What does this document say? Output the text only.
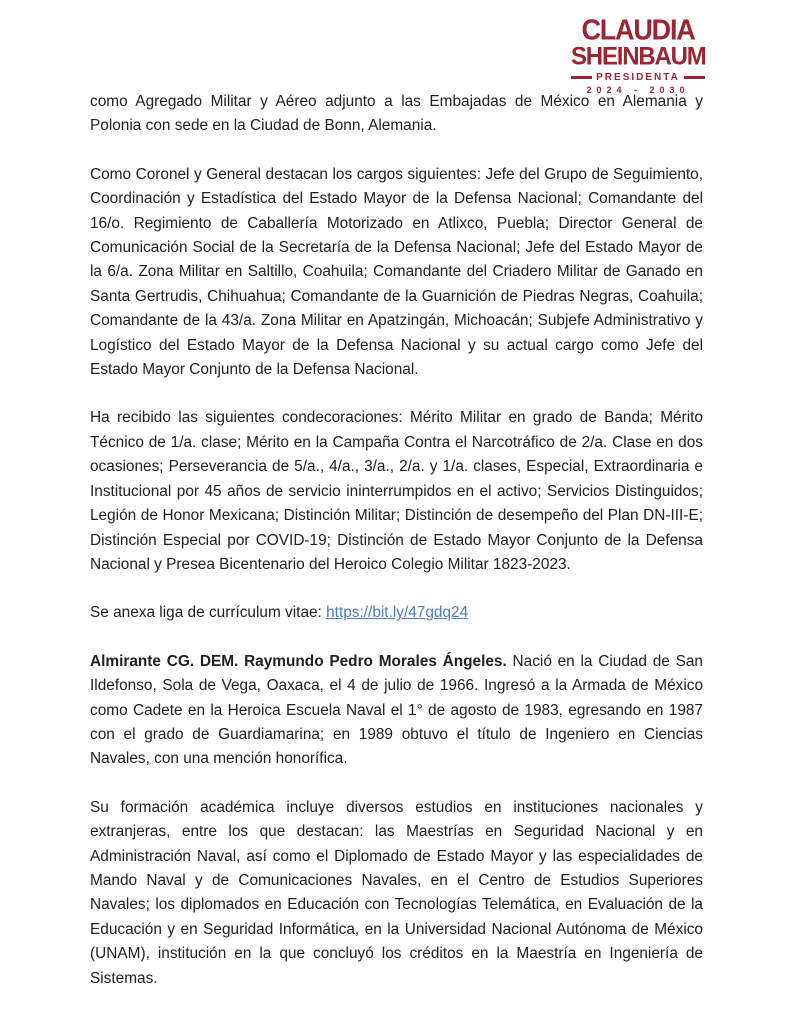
CLAUDIA
SHEINBAUM
PRESIDENTA
2024 - 2030

como Agregado Militar y Aéreo adjunto a las Embajadas de México en Alemania y Polonia con sede en la Ciudad de Bonn, Alemania.

Como Coronel y General destacan los cargos siguientes: Jefe del Grupo de Seguimiento, Coordinación y Estadística del Estado Mayor de la Defensa Nacional; Comandante del 16/o. Regimiento de Caballería Motorizado en Atlixco, Puebla; Director General de Comunicación Social de la Secretaría de la Defensa Nacional; Jefe del Estado Mayor de la 6/a. Zona Militar en Saltillo, Coahuila; Comandante del Criadero Militar de Ganado en Santa Gertrudis, Chihuahua; Comandante de la Guarnición de Piedras Negras, Coahuila; Comandante de la 43/a. Zona Militar en Apatzingán, Michoacán; Subjefe Administrativo y Logístico del Estado Mayor de la Defensa Nacional y su actual cargo como Jefe del Estado Mayor Conjunto de la Defensa Nacional.

Ha recibido las siguientes condecoraciones: Mérito Militar en grado de Banda; Mérito Técnico de 1/a. clase; Mérito en la Campaña Contra el Narcotráfico de 2/a. Clase en dos ocasiones; Perseverancia de 5/a., 4/a., 3/a., 2/a. y 1/a. clases, Especial, Extraordinaria e Institucional por 45 años de servicio ininterrumpidos en el activo; Servicios Distinguidos; Legión de Honor Mexicana; Distinción Militar; Distinción de desempeño del Plan DN-III-E; Distinción Especial por COVID-19; Distinción de Estado Mayor Conjunto de la Defensa Nacional y Presea Bicentenario del Heroico Colegio Militar 1823-2023.

Se anexa liga de currículum vitae: https://bit.ly/47gdq24

Almirante CG. DEM. Raymundo Pedro Morales Ángeles. Nació en la Ciudad de San Ildefonso, Sola de Vega, Oaxaca, el 4 de julio de 1966. Ingresó a la Armada de México como Cadete en la Heroica Escuela Naval el 1° de agosto de 1983, egresando en 1987 con el grado de Guardiamarina; en 1989 obtuvo el título de Ingeniero en Ciencias Navales, con una mención honorífica.

Su formación académica incluye diversos estudios en instituciones nacionales y extranjeras, entre los que destacan: las Maestrías en Seguridad Nacional y en Administración Naval, así como el Diplomado de Estado Mayor y las especialidades de Mando Naval y de Comunicaciones Navales, en el Centro de Estudios Superiores Navales; los diplomados en Educación con Tecnologías Telemática, en Evaluación de la Educación y en Seguridad Informática, en la Universidad Nacional Autónoma de México (UNAM), institución en la que concluyó los créditos en la Maestría en Ingeniería de Sistemas.
